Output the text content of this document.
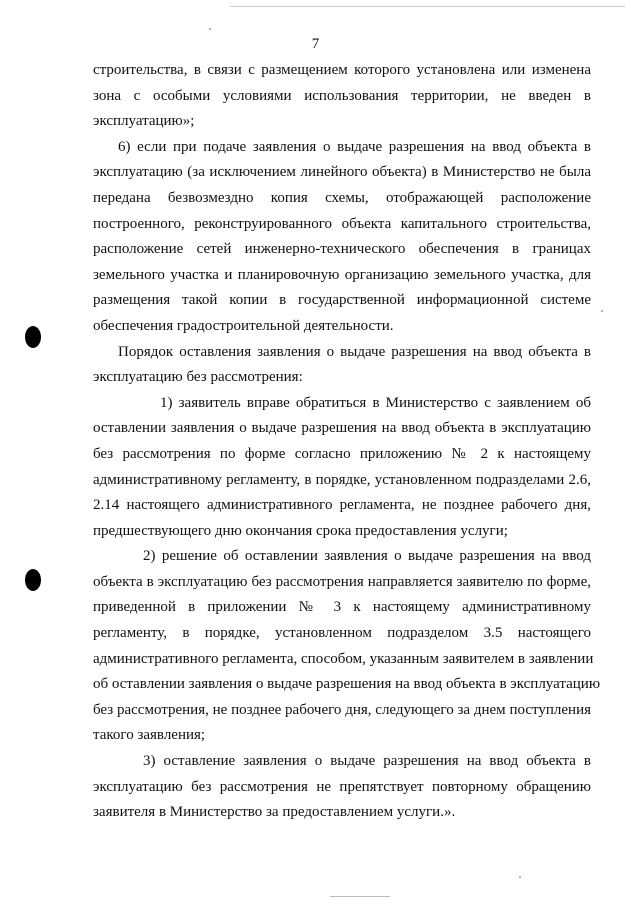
7
строительства, в связи с размещением которого установлена или изменена
зона с особыми условиями использования территории, не введен в
эксплуатацию»;
6) если при подаче заявления о выдаче разрешения на ввод объекта в
эксплуатацию (за исключением линейного объекта) в Министерство не была
передана безвозмездно копия схемы, отображающей расположение
построенного, реконструированного объекта капитального строительства,
расположение сетей инженерно-технического обеспечения в границах
земельного участка и планировочную организацию земельного участка, для
размещения такой копии в государственной информационной системе
обеспечения градостроительной деятельности.
Порядок оставления заявления о выдаче разрешения на ввод объекта в
эксплуатацию без рассмотрения:
1) заявитель вправе обратиться в Министерство с заявлением об
оставлении заявления о выдаче разрешения на ввод объекта в эксплуатацию
без рассмотрения по форме согласно приложению № 2 к настоящему
административному регламенту, в порядке, установленном подразделами 2.6,
2.14 настоящего административного регламента, не позднее рабочего дня,
предшествующего дню окончания срока предоставления услуги;
2) решение об оставлении заявления о выдаче разрешения на ввод
объекта в эксплуатацию без рассмотрения направляется заявителю по форме,
приведенной в приложении № 3 к настоящему административному
регламенту, в порядке, установленном подразделом 3.5 настоящего
административного регламента, способом, указанным заявителем в заявлении
об оставлении заявления о выдаче разрешения на ввод объекта в эксплуатацию
без рассмотрения, не позднее рабочего дня, следующего за днем поступления
такого заявления;
3) оставление заявления о выдаче разрешения на ввод объекта в
эксплуатацию без рассмотрения не препятствует повторному обращению
заявителя в Министерство за предоставлением услуги.».
